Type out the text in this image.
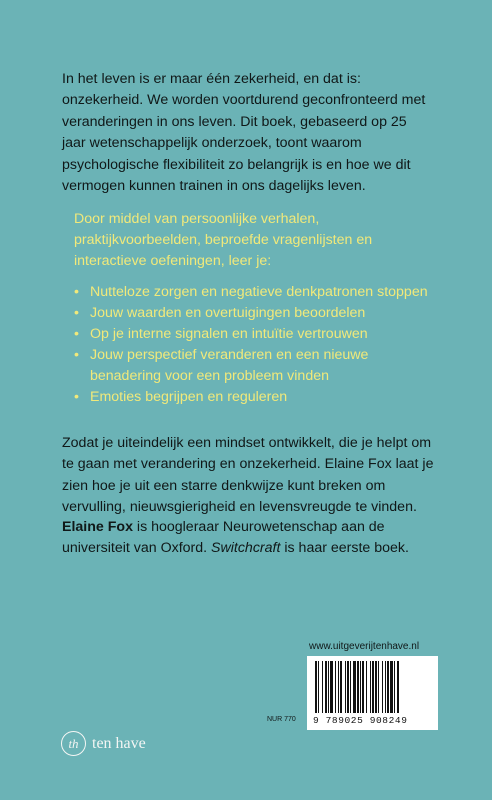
In het leven is er maar één zekerheid, en dat is: onzekerheid. We worden voortdurend geconfronteerd met veranderingen in ons leven. Dit boek, gebaseerd op 25 jaar wetenschappelijk onderzoek, toont waarom psychologische flexibiliteit zo belangrijk is en hoe we dit vermogen kunnen trainen in ons dagelijks leven.

Door middel van persoonlijke verhalen, praktijkvoorbeelden, beproefde vragenlijsten en interactieve oefeningen, leer je:

• Nutteloze zorgen en negatieve denkpatronen stoppen
• Jouw waarden en overtuigingen beoordelen
• Op je interne signalen en intuïtie vertrouwen
• Jouw perspectief veranderen en een nieuwe benadering voor een probleem vinden
• Emoties begrijpen en reguleren

Zodat je uiteindelijk een mindset ontwikkelt, die je helpt om te gaan met verandering en onzekerheid. Elaine Fox laat je zien hoe je uit een starre denkwijze kunt breken om vervulling, nieuwsgierigheid en levensvreugde te vinden.

Elaine Fox is hoogleraar Neurowetenschap aan de universiteit van Oxford. Switchcraft is haar eerste boek.

www.uitgeverijtenhave.nl
9 789025 908249
NUR 770
th ten have
